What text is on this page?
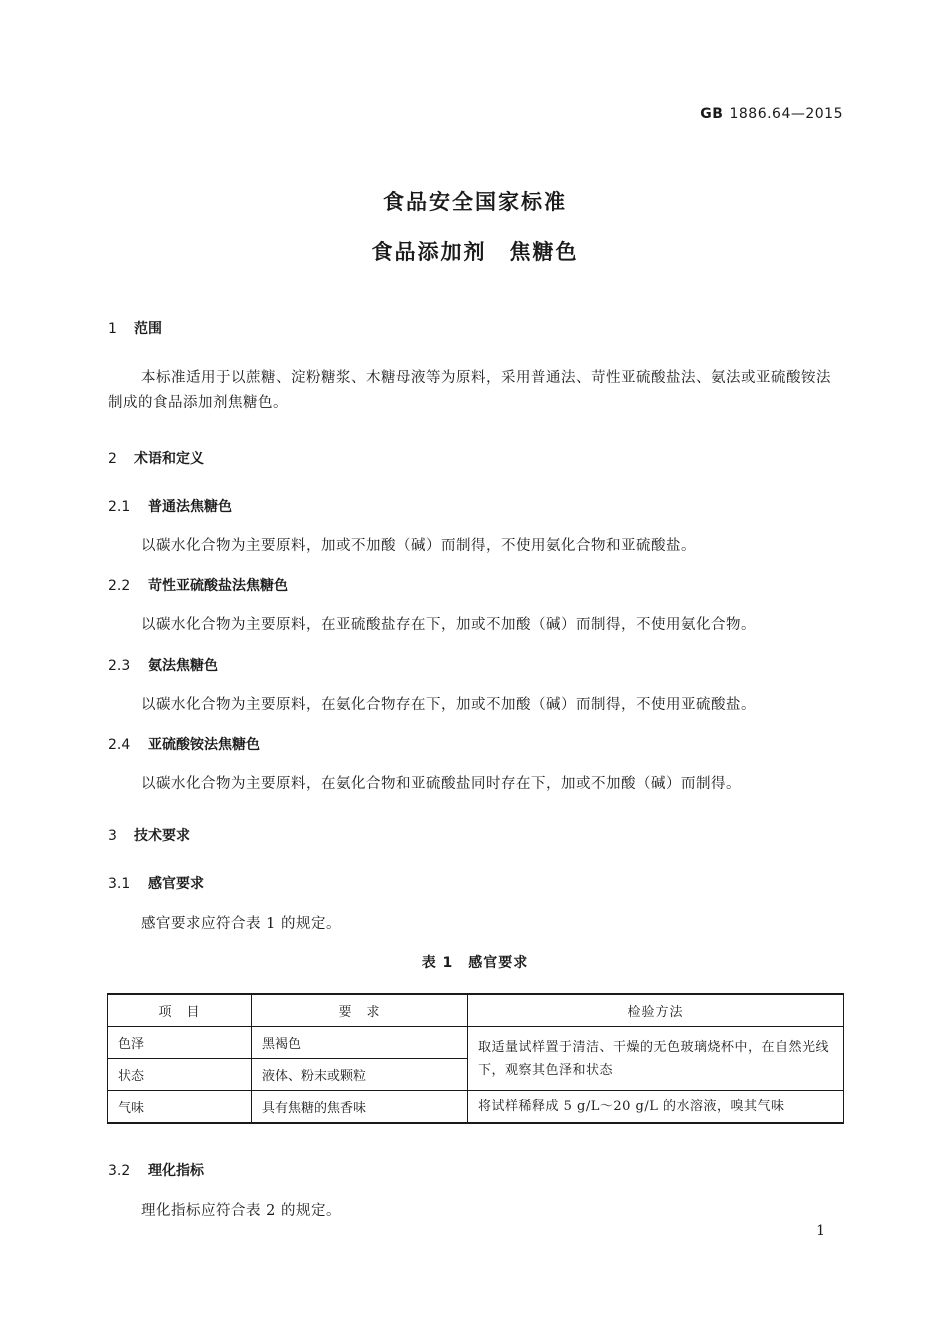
GB 1886.64—2015
食品安全国家标准
食品添加剂　焦糖色
1 范围
本标准适用于以蔗糖、淀粉糖浆、木糖母液等为原料，采用普通法、苛性亚硫酸盐法、氨法或亚硫酸铵法制成的食品添加剂焦糖色。
2 术语和定义
2.1 普通法焦糖色
以碳水化合物为主要原料，加或不加酸（碱）而制得，不使用氨化合物和亚硫酸盐。
2.2 苛性亚硫酸盐法焦糖色
以碳水化合物为主要原料，在亚硫酸盐存在下，加或不加酸（碱）而制得，不使用氨化合物。
2.3 氨法焦糖色
以碳水化合物为主要原料，在氨化合物存在下，加或不加酸（碱）而制得，不使用亚硫酸盐。
2.4 亚硫酸铵法焦糖色
以碳水化合物为主要原料，在氨化合物和亚硫酸盐同时存在下，加或不加酸（碱）而制得。
3 技术要求
3.1 感官要求
感官要求应符合表 1 的规定。
表 1　感官要求
项　目	要　求	检验方法
色泽	黑褐色	取适量试样置于清洁、干燥的无色玻璃烧杯中，在自然光线下，观察其色泽和状态
状态	液体、粉末或颗粒	
气味	具有焦糖的焦香味	将试样稀释成 5 g/L～20 g/L 的水溶液，嗅其气味
3.2 理化指标
理化指标应符合表 2 的规定。
1
